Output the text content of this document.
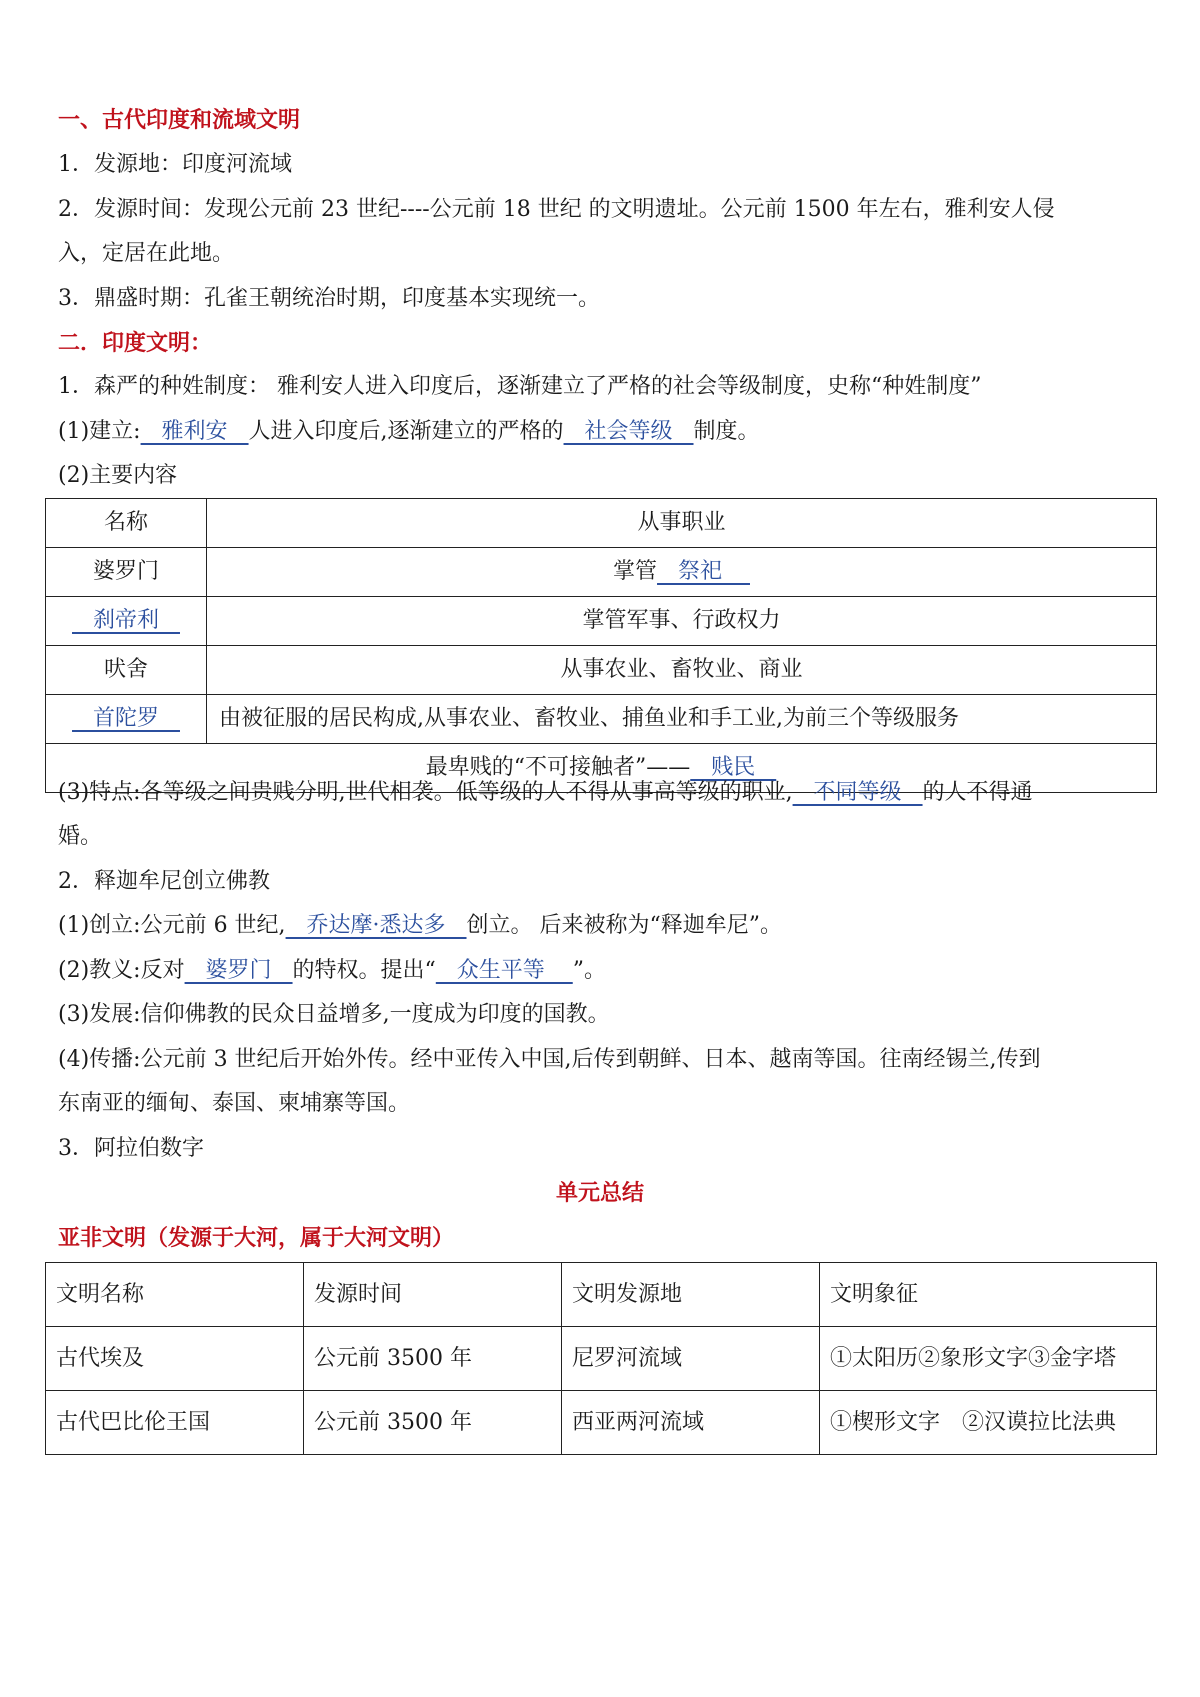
一、古代印度和流域文明
1．发源地：印度河流域
2．发源时间：发现公元前 23 世纪----公元前 18 世纪 的文明遗址。公元前 1500 年左右，雅利安人侵
入，定居在此地。
3．鼎盛时期：孔雀王朝统治时期，印度基本实现统一。
二．印度文明：
1．森严的种姓制度： 雅利安人进入印度后，逐渐建立了严格的社会等级制度，史称“种姓制度”
(1)建立:   雅利安   人进入印度后,逐渐建立的严格的   社会等级   制度。
(2)主要内容
名称	从事职业
婆罗门	掌管   祭祀
刹帝利	掌管军事、行政权力
吠舍	从事农业、畜牧业、商业
首陀罗	由被征服的居民构成,从事农业、畜牧业、捕鱼业和手工业,为前三个等级服务
最卑贱的“不可接触者”——   贱民	
(3)特点:各等级之间贵贱分明,世代相袭。低等级的人不得从事高等级的职业,   不同等级   的人不得通
婚。
2．释迦牟尼创立佛教
(1)创立:公元前 6 世纪,   乔达摩·悉达多   创立。 后来被称为“释迦牟尼”。
(2)教义:反对   婆罗门   的特权。提出“   众生平等    ”。
(3)发展:信仰佛教的民众日益增多,一度成为印度的国教。
(4)传播:公元前 3 世纪后开始外传。经中亚传入中国,后传到朝鲜、日本、越南等国。往南经锡兰,传到
东南亚的缅甸、泰国、柬埔寨等国。
3．阿拉伯数字
单元总结
亚非文明（发源于大河，属于大河文明）
文明名称	发源时间	文明发源地	文明象征
古代埃及	公元前 3500 年	尼罗河流域	①太阳历②象形文字③金字塔
古代巴比伦王国	公元前 3500 年	西亚两河流域	①楔形文字　②汉谟拉比法典
